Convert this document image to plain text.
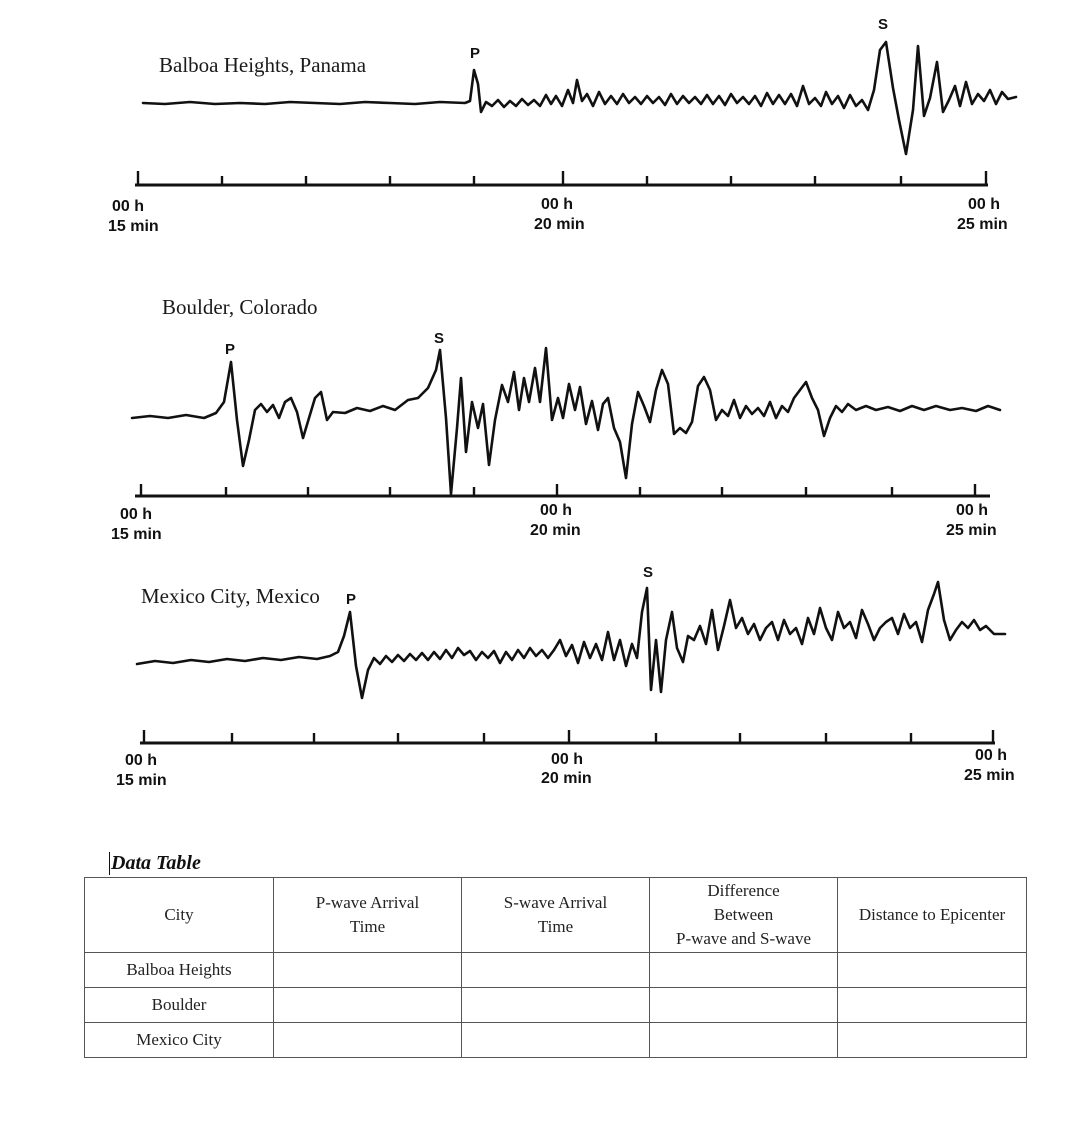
Balboa Heights, Panama	P
S
00 h
15 min
00 h
20 min
00 h
25 min
Boulder, Colorado
P
S
00 h
15 min
00 h
20 min
00 h
25 min
Mexico City, Mexico P
S
00 h
15 min
00 h
20 min
00 h
25 min
Data Table
City	P-wave Arrival Time	S-wave Arrival Time	Difference
Between
P-wave and S-wave	Distance to Epicenter
Balboa Heights				
Boulder				
Mexico City				
